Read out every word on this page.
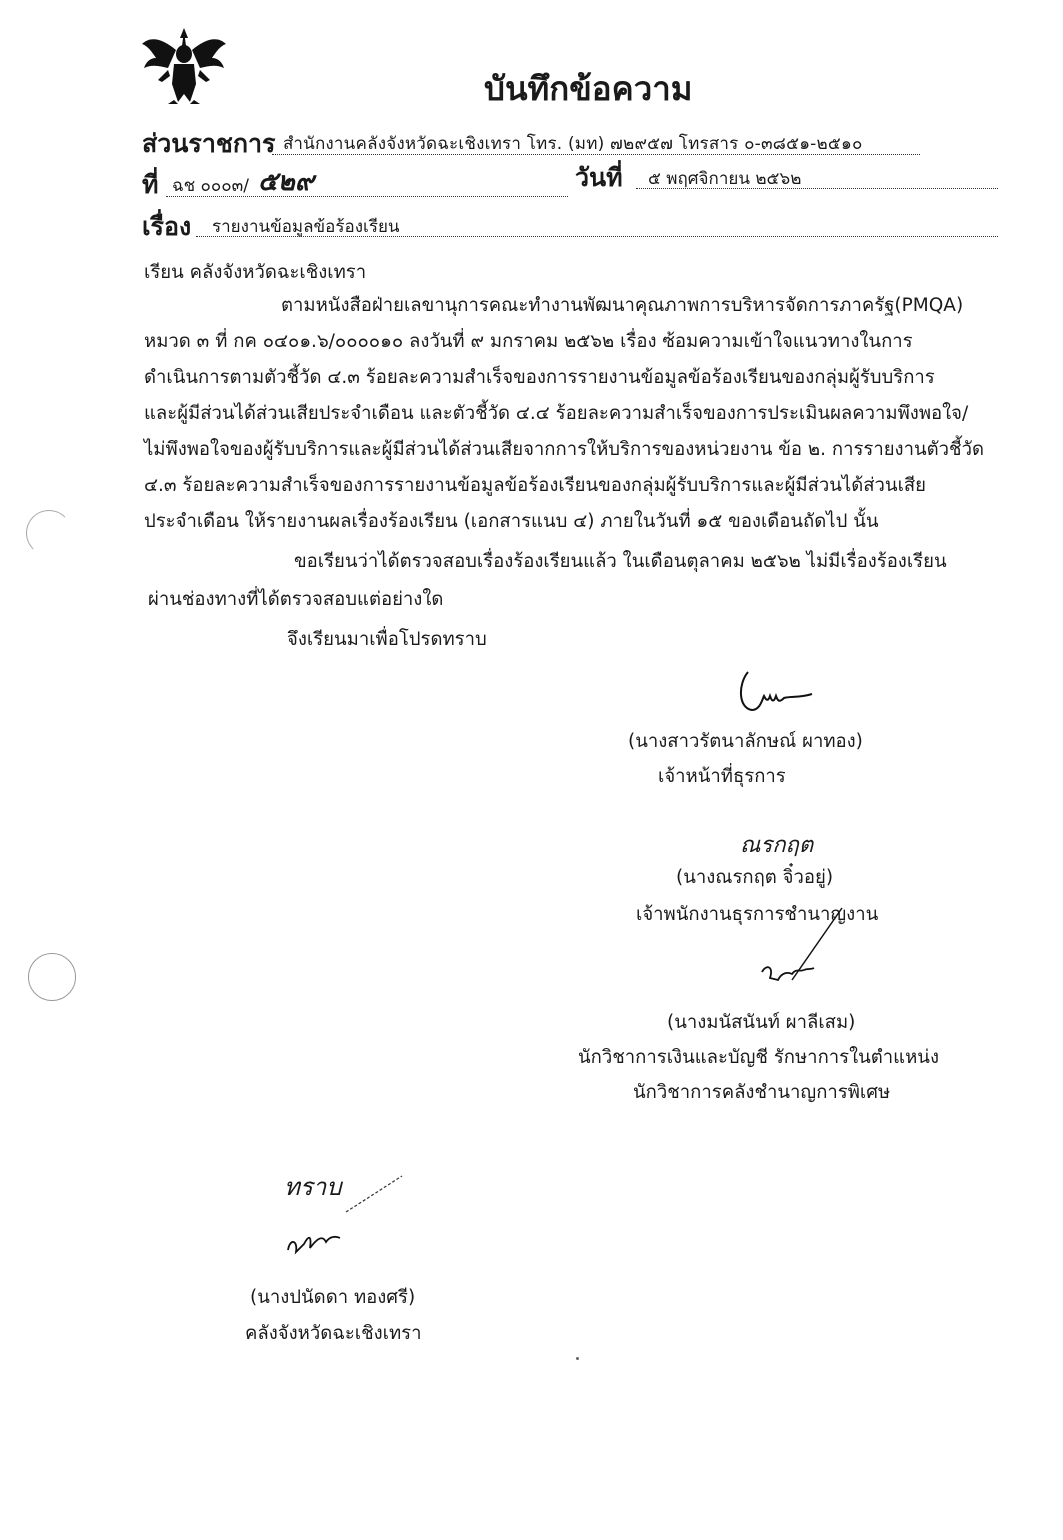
บันทึกข้อความ
ส่วนราชการ สำนักงานคลังจังหวัดฉะเชิงเทรา โทร. (มท) ๗๒๙๕๗ โทรสาร ๐-๓๘๕๑-๒๕๑๐
ที่ ฉช ๐๐๐๓/ ๕๒๙	วันที่ ๕ พฤศจิกายน ๒๕๖๒
เรื่อง รายงานข้อมูลข้อร้องเรียน
เรียน คลังจังหวัดฉะเชิงเทรา
ตามหนังสือฝ่ายเลขานุการคณะทำงานพัฒนาคุณภาพการบริหารจัดการภาครัฐ(PMQA)
หมวด ๓ ที่ กค ๐๔๐๑.๖/๐๐๐๐๑๐ ลงวันที่ ๙ มกราคม ๒๕๖๒ เรื่อง ซ้อมความเข้าใจแนวทางในการ
ดำเนินการตามตัวชี้วัด ๔.๓ ร้อยละความสำเร็จของการรายงานข้อมูลข้อร้องเรียนของกลุ่มผู้รับบริการ
และผู้มีส่วนได้ส่วนเสียประจำเดือน และตัวชี้วัด ๔.๔ ร้อยละความสำเร็จของการประเมินผลความพึงพอใจ/
ไม่พึงพอใจของผู้รับบริการและผู้มีส่วนได้ส่วนเสียจากการให้บริการของหน่วยงาน ข้อ ๒. การรายงานตัวชี้วัด
๔.๓ ร้อยละความสำเร็จของการรายงานข้อมูลข้อร้องเรียนของกลุ่มผู้รับบริการและผู้มีส่วนได้ส่วนเสีย
ประจำเดือน ให้รายงานผลเรื่องร้องเรียน (เอกสารแนบ ๔) ภายในวันที่ ๑๕ ของเดือนถัดไป นั้น
ขอเรียนว่าได้ตรวจสอบเรื่องร้องเรียนแล้ว ในเดือนตุลาคม ๒๕๖๒ ไม่มีเรื่องร้องเรียน
ผ่านช่องทางที่ได้ตรวจสอบแต่อย่างใด
จึงเรียนมาเพื่อโปรดทราบ
(นางสาวรัตนาลักษณ์ ผาทอง)
เจ้าหน้าที่ธุรการ
ณรกฤต
(นางณรกฤต จิ๋วอยู่)
เจ้าพนักงานธุรการชำนาญงาน
(นางมนัสนันท์ ผาลีเสม)
นักวิชาการเงินและบัญชี รักษาการในตำแหน่ง
นักวิชาการคลังชำนาญการพิเศษ
ทราบ
(นางปนัดดา ทองศรี)
คลังจังหวัดฉะเชิงเทรา
